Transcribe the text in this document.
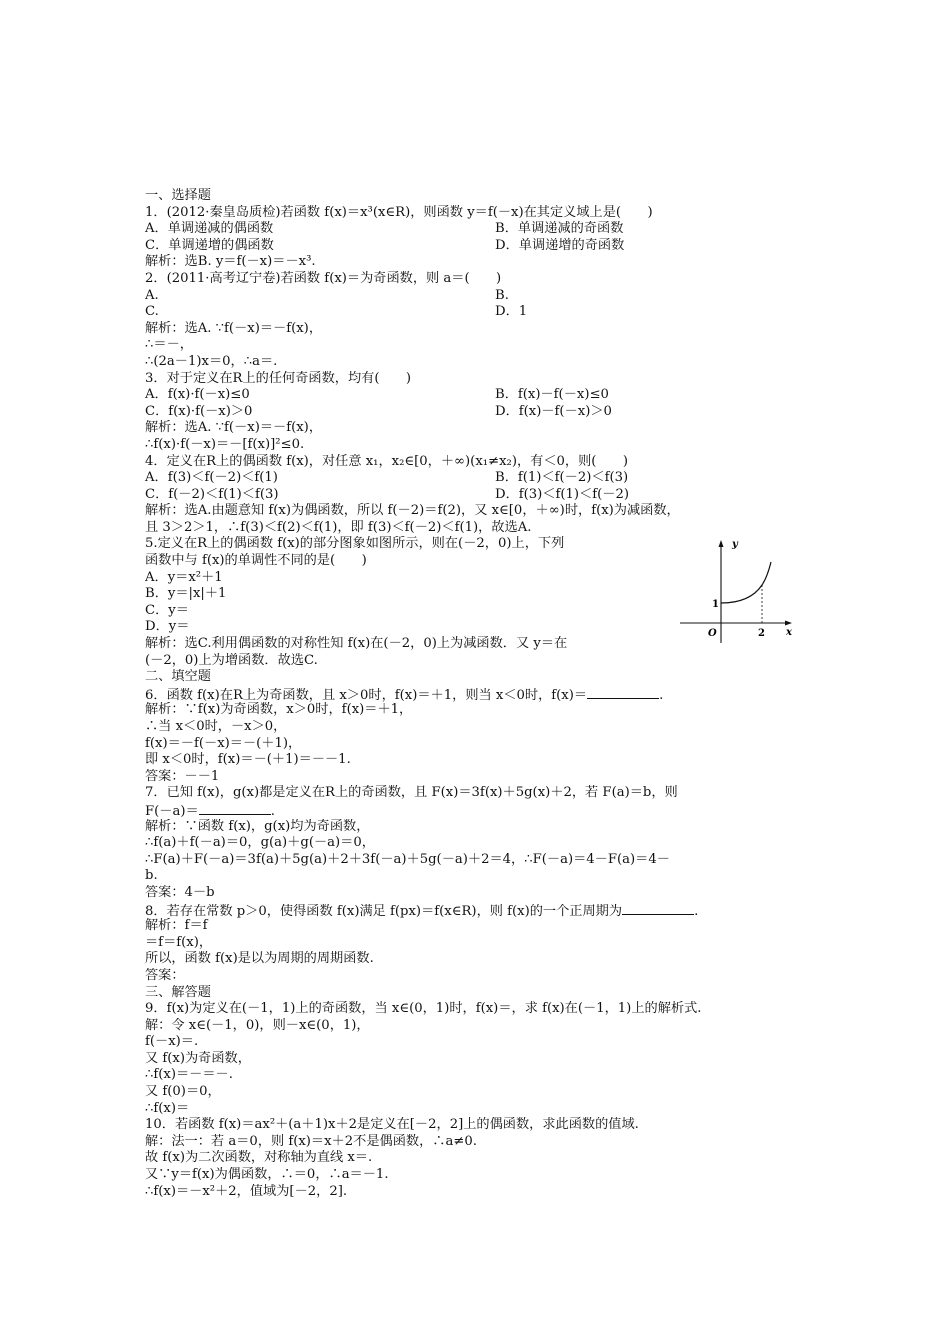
一、选择题
1．(2012·秦皇岛质检)若函数 f(x)＝x³(x∈R)，则函数 y＝f(－x)在其定义域上是(　　)
A．单调递减的偶函数	B．单调递减的奇函数
C．单调递增的偶函数	D．单调递增的奇函数
解析：选B. y＝f(－x)＝－x³.
2．(2011·高考辽宁卷)若函数 f(x)＝为奇函数，则 a＝(　　)
A.	B.
C.	D．1
解析：选A. ∵f(－x)＝－f(x)，
∴＝－，
∴(2a－1)x＝0，∴a＝.
3．对于定义在R上的任何奇函数，均有(　　)
A．f(x)·f(－x)≤0	B．f(x)－f(－x)≤0
C．f(x)·f(－x)＞0	D．f(x)－f(－x)＞0
解析：选A. ∵f(－x)＝－f(x)，
∴f(x)·f(－x)＝－[f(x)]²≤0.
4．定义在R上的偶函数 f(x)，对任意 x₁，x₂∈[0，＋∞)(x₁≠x₂)，有＜0，则(　　)
A．f(3)＜f(－2)＜f(1)	B．f(1)＜f(－2)＜f(3)
C．f(－2)＜f(1)＜f(3)	D．f(3)＜f(1)＜f(－2)
解析：选A.由题意知 f(x)为偶函数，所以 f(－2)＝f(2)，又 x∈[0，＋∞)时，f(x)为减函数，
且 3＞2＞1，∴f(3)＜f(2)＜f(1)，即 f(3)＜f(－2)＜f(1)，故选A.
5.定义在R上的偶函数 f(x)的部分图象如图所示，则在(－2，0)上，下列
函数中与 f(x)的单调性不同的是(　　)
A．y＝x²＋1
B．y＝|x|＋1
C．y＝
D．y＝
解析：选C.利用偶函数的对称性知 f(x)在(－2，0)上为减函数．又 y＝在
(－2，0)上为增函数．故选C.
二、填空题
6．函数 f(x)在R上为奇函数，且 x＞0时，f(x)＝＋1，则当 x＜0时，f(x)＝	.
解析：∵f(x)为奇函数，x＞0时，f(x)＝＋1，
∴当 x＜0时，－x＞0，
f(x)＝－f(－x)＝－(＋1)，
即 x＜0时，f(x)＝－(＋1)＝－－1.
答案：－－1
7．已知 f(x)，g(x)都是定义在R上的奇函数，且 F(x)＝3f(x)＋5g(x)＋2，若 F(a)＝b，则
F(－a)＝	.
解析：∵函数 f(x)，g(x)均为奇函数，
∴f(a)＋f(－a)＝0，g(a)＋g(－a)＝0，
∴F(a)＋F(－a)＝3f(a)＋5g(a)＋2＋3f(－a)＋5g(－a)＋2＝4，∴F(－a)＝4－F(a)＝4－
b.
答案：4－b
8．若存在常数 p＞0，使得函数 f(x)满足 f(px)＝f(x∈R)，则 f(x)的一个正周期为	.
解析：f＝f
＝f＝f(x)，
所以，函数 f(x)是以为周期的周期函数.
答案：
三、解答题
9．f(x)为定义在(－1，1)上的奇函数，当 x∈(0，1)时，f(x)＝，求 f(x)在(－1，1)上的解析式.
解：令 x∈(－1，0)，则－x∈(0，1)，
f(－x)＝.
又 f(x)为奇函数，
∴f(x)＝－＝－.
又 f(0)＝0，
∴f(x)＝
10．若函数 f(x)＝ax²＋(a＋1)x＋2是定义在[－2，2]上的偶函数，求此函数的值域.
解：法一：若 a＝0，则 f(x)＝x＋2不是偶函数，∴a≠0.
故 f(x)为二次函数，对称轴为直线 x＝.
又∵y＝f(x)为偶函数，∴＝0，∴a＝－1.
∴f(x)＝－x²＋2，值域为[－2，2].
y
x
O
1
2
